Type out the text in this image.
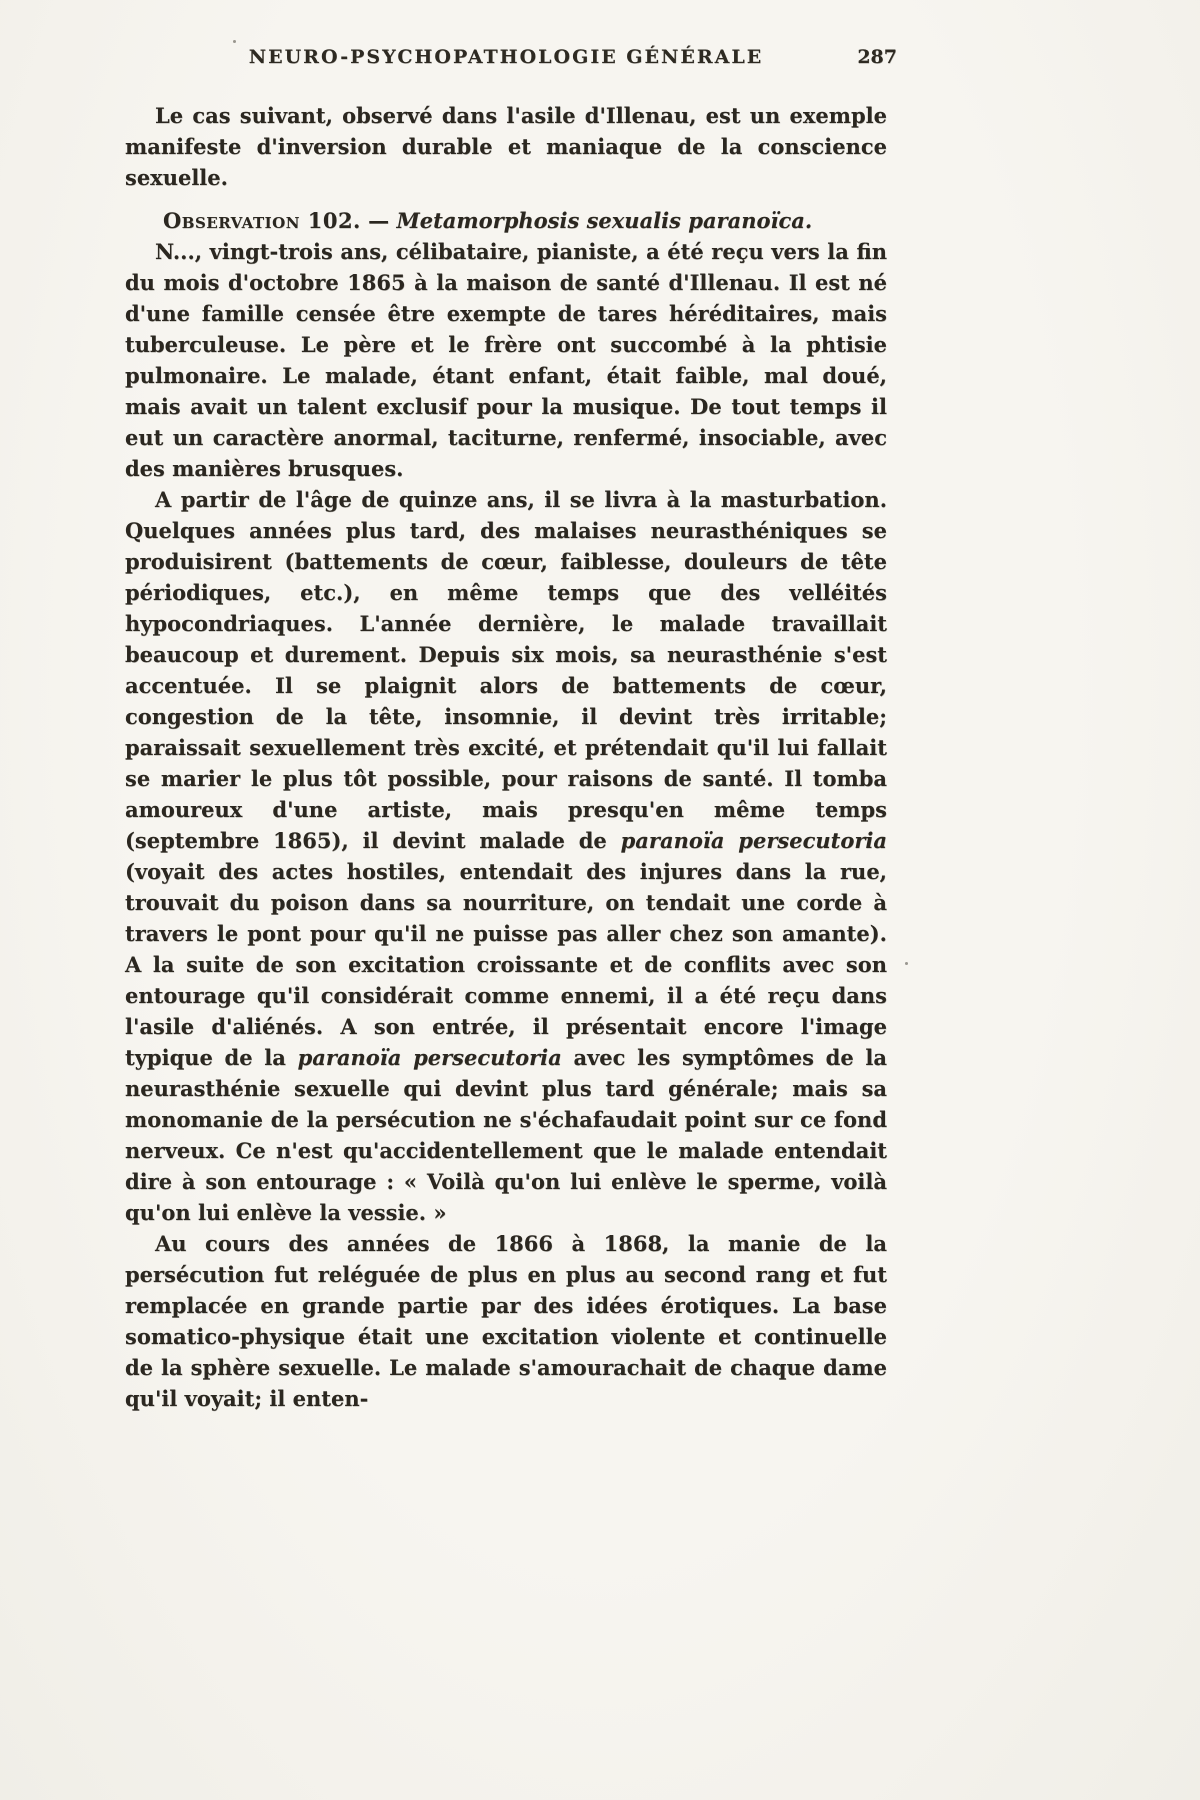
NEURO-PSYCHOPATHOLOGIE GÉNÉRALE	287

Le cas suivant, observé dans l'asile d'Illenau, est un exemple manifeste d'inversion durable et maniaque de la conscience sexuelle.

Observation 102. — Metamorphosis sexualis paranoïca.

N..., vingt-trois ans, célibataire, pianiste, a été reçu vers la fin du mois d'octobre 1865 à la maison de santé d'Illenau. Il est né d'une famille censée être exempte de tares héréditaires, mais tuberculeuse. Le père et le frère ont succombé à la phtisie pulmonaire. Le malade, étant enfant, était faible, mal doué, mais avait un talent exclusif pour la musique. De tout temps il eut un caractère anormal, taciturne, renfermé, insociable, avec des manières brusques.

A partir de l'âge de quinze ans, il se livra à la masturbation. Quelques années plus tard, des malaises neurasthéniques se produisirent (battements de cœur, faiblesse, douleurs de tête périodiques, etc.), en même temps que des velléités hypocondriaques. L'année dernière, le malade travaillait beaucoup et durement. Depuis six mois, sa neurasthénie s'est accentuée. Il se plaignit alors de battements de cœur, congestion de la tête, insomnie, il devint très irritable; paraissait sexuellement très excité, et prétendait qu'il lui fallait se marier le plus tôt possible, pour raisons de santé. Il tomba amoureux d'une artiste, mais presqu'en même temps (septembre 1865), il devint malade de paranoïa persecutoria (voyait des actes hostiles, entendait des injures dans la rue, trouvait du poison dans sa nourriture, on tendait une corde à travers le pont pour qu'il ne puisse pas aller chez son amante). A la suite de son excitation croissante et de conflits avec son entourage qu'il considérait comme ennemi, il a été reçu dans l'asile d'aliénés. A son entrée, il présentait encore l'image typique de la paranoïa persecutoria avec les symptômes de la neurasthénie sexuelle qui devint plus tard générale; mais sa monomanie de la persécution ne s'échafaudait point sur ce fond nerveux. Ce n'est qu'accidentellement que le malade entendait dire à son entourage : « Voilà qu'on lui enlève le sperme, voilà qu'on lui enlève la vessie. »

Au cours des années de 1866 à 1868, la manie de la persécution fut reléguée de plus en plus au second rang et fut remplacée en grande partie par des idées érotiques. La base somatico-physique était une excitation violente et continuelle de la sphère sexuelle. Le malade s'amourachait de chaque dame qu'il voyait; il enten-
